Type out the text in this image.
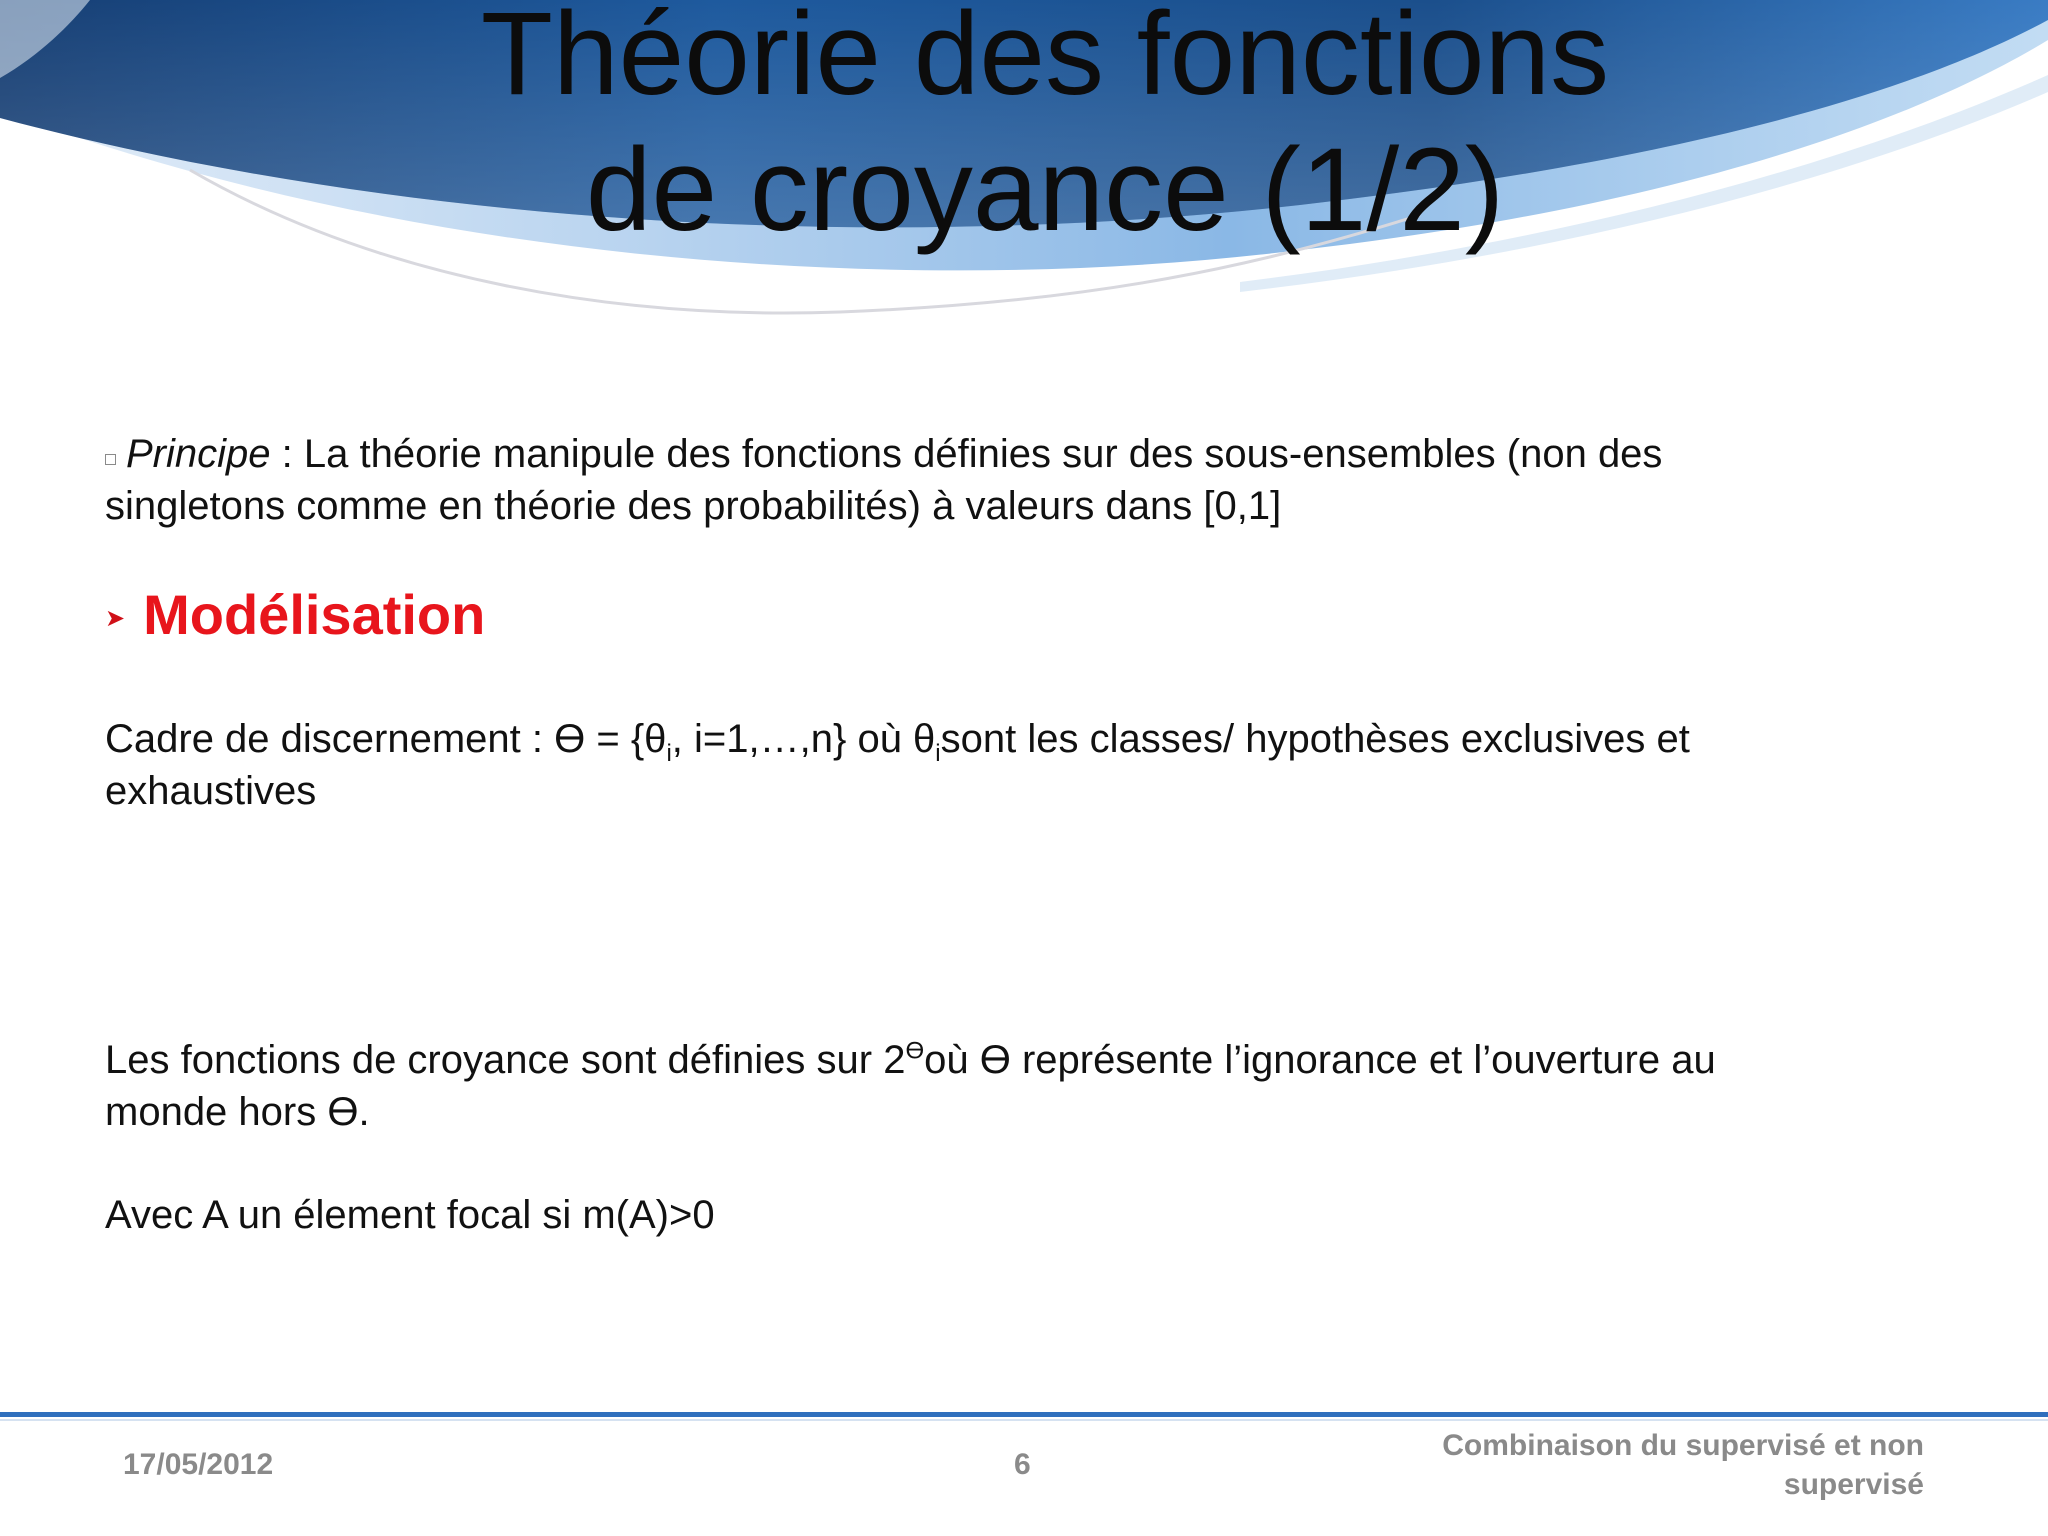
Théorie des fonctions
de croyance (1/2)
Principe : La théorie manipule des fonctions définies sur des sous-ensembles (non des
singletons comme en théorie des probabilités) à valeurs dans [0,1]
➤ Modélisation
Cadre de discernement : $ϴ = \{\theta_i$, i=1,…,n} où $\theta_isont$ les classes/ hypothèses exclusives et
exhaustives
Les fonctions de croyance sont définies sur $2^ϴoù$ ϴ représente l’ignorance et l’ouverture au
monde hors ϴ.
Avec A un élement focal si m(A)>0
17/05/2012	6
Combinaison du supervisé et non
supervisé
